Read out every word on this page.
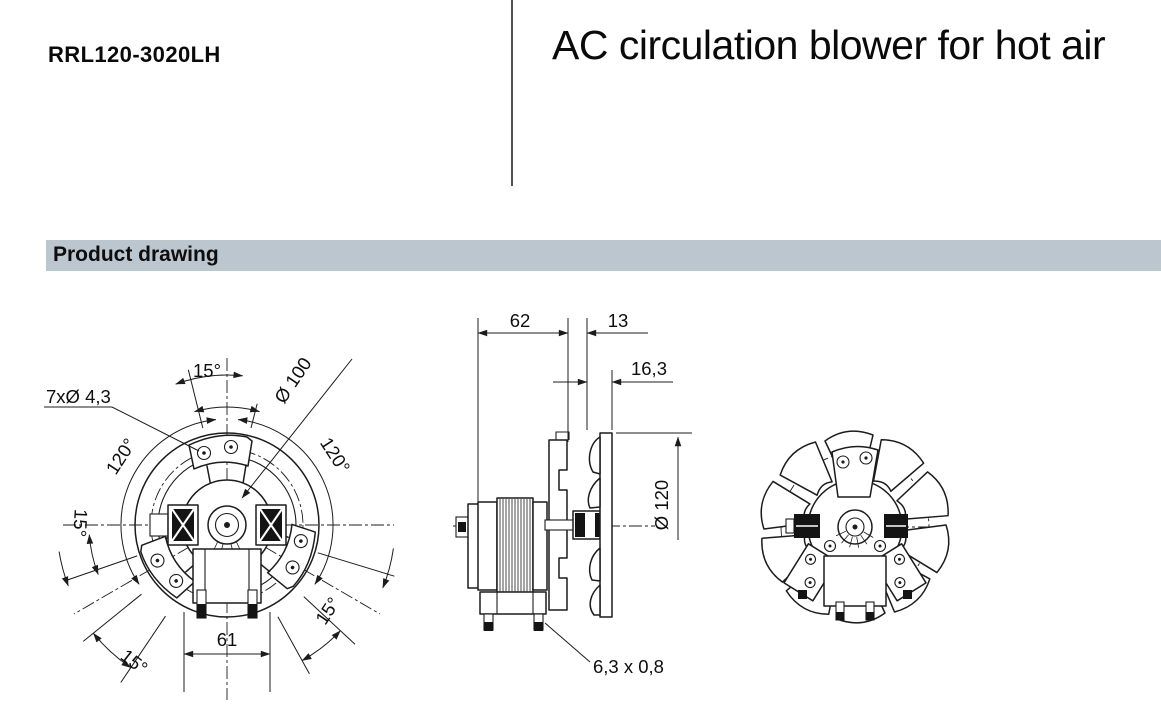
RRL120-3020LH	AC circulation blower for hot air
Product drawing
7xØ 4,3
15°	Ø 100
120°	120°
15°
15°
15°
61
62	13
16,3
Ø 120
6,3 x 0,8
